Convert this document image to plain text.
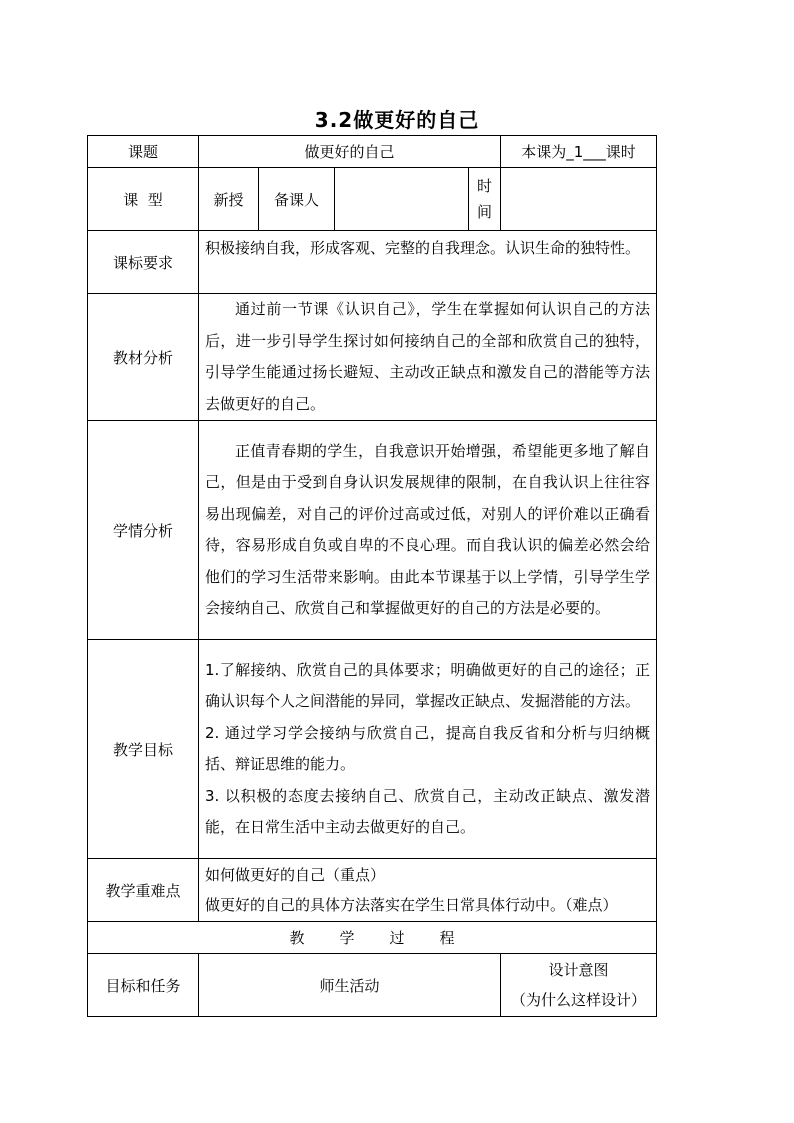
3.2做更好的自己
课题	做更好的自己				本课为_1___课时
课  型	新授	备课人		时
间	

课标要求	积极接纳自我，形成客观、完整的自我理念。认识生命的独特性。				
教材分析	通过前一节课《认识自己》，学生在掌握如何认识自己的方法后，进一步引导学生探讨如何接纳自己的全部和欣赏自己的独特，引导学生能通过扬长避短、主动改正缺点和激发自己的潜能等方法去做更好的自己。				

学情分析	正值青春期的学生，自我意识开始增强，希望能更多地了解自己，但是由于受到自身认识发展规律的限制，在自我认识上往往容易出现偏差，对自己的评价过高或过低，对别人的评价难以正确看待，容易形成自负或自卑的不良心理。而自我认识的偏差必然会给他们的学习生活带来影响。由此本节课基于以上学情，引导学生学会接纳自己、欣赏自己和掌握做更好的自己的方法是必要的。				

教学目标	1.了解接纳、欣赏自己的具体要求；明确做更好的自己的途径；正确认识每个人之间潜能的异同，掌握改正缺点、发掘潜能的方法。
2. 通过学习学会接纳与欣赏自己，提高自我反省和分析与归纳概括、辩证思维的能力。
3. 以积极的态度去接纳自己、欣赏自己，主动改正缺点、激发潜能，在日常生活中主动去做更好的自己。				

教学重难点	如何做更好的自己（重点）
做更好的自己的具体方法落实在学生日常具体行动中。（难点）				

教 学 过 程					
目标和任务	师生活动				设计意图
（为什么这样设计）
